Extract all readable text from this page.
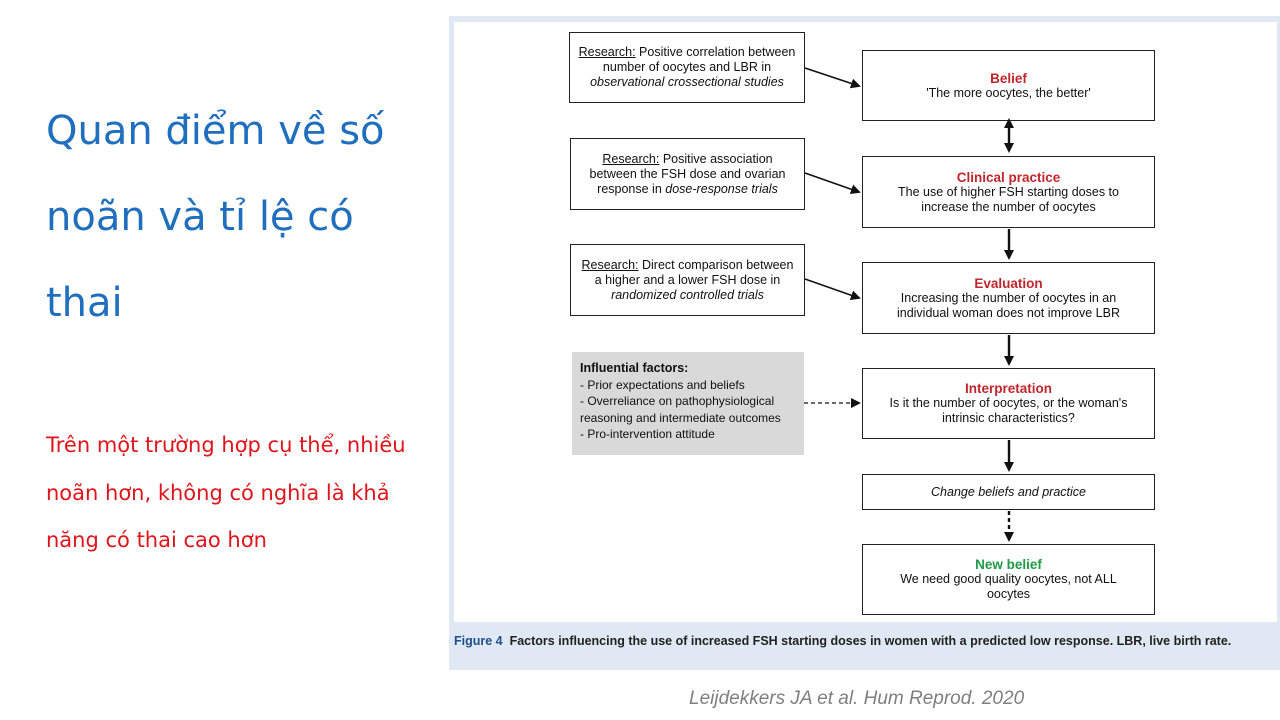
Quan điểm về số noãn và tỉ lệ có thai

Trên một trường hợp cụ thể, nhiều noãn hơn, không có nghĩa là khả năng có thai cao hơn

Research: Positive correlation between number of oocytes and LBR in observational crossectional studies
Research: Positive association between the FSH dose and ovarian response in dose-response trials
Research: Direct comparison between a higher and a lower FSH dose in randomized controlled trials
Influential factors:
- Prior expectations and beliefs
- Overreliance on pathophysiological reasoning and intermediate outcomes
- Pro-intervention attitude
Belief
'The more oocytes, the better'
Clinical practice
The use of higher FSH starting doses to increase the number of oocytes
Evaluation
Increasing the number of oocytes in an individual woman does not improve LBR
Interpretation
Is it the number of oocytes, or the woman's intrinsic characteristics?
Change beliefs and practice
New belief
We need good quality oocytes, not ALL oocytes
Figure 4 Factors influencing the use of increased FSH starting doses in women with a predicted low response. LBR, live birth rate.
Leijdekkers JA et al. Hum Reprod. 2020
